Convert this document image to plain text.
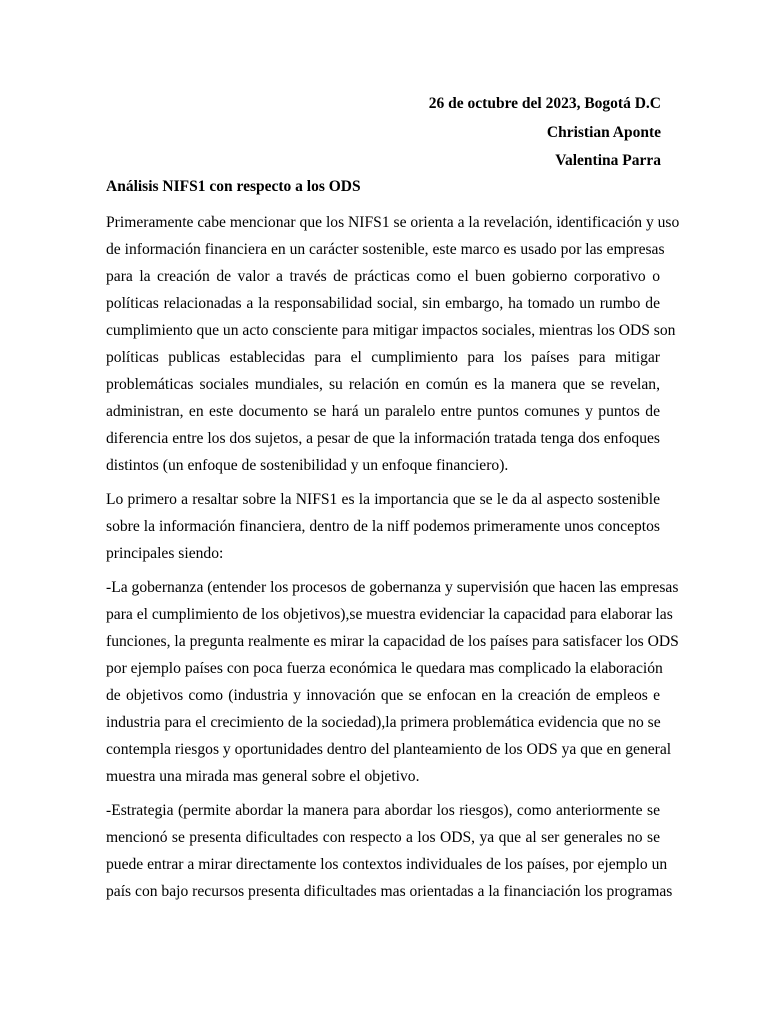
26 de octubre del 2023, Bogotá D.C
Christian Aponte
Valentina Parra
Análisis NIFS1 con respecto a los ODS
Primeramente cabe mencionar que los NIFS1 se orienta a la revelación, identificación y uso
de información financiera en un carácter sostenible, este marco es usado por las empresas
para la creación de valor a través de prácticas como el buen gobierno corporativo o
políticas relacionadas a la responsabilidad social, sin embargo, ha tomado un rumbo de
cumplimiento que un acto consciente para mitigar impactos sociales, mientras los ODS son
políticas publicas establecidas para el cumplimiento para los países para mitigar
problemáticas sociales mundiales, su relación en común es la manera que se revelan,
administran, en este documento se hará un paralelo entre puntos comunes y puntos de
diferencia entre los dos sujetos, a pesar de que la información tratada tenga dos enfoques
distintos (un enfoque de sostenibilidad y un enfoque financiero).
Lo primero a resaltar sobre la NIFS1 es la importancia que se le da al aspecto sostenible
sobre la información financiera, dentro de la niff podemos primeramente unos conceptos
principales siendo:
-La gobernanza (entender los procesos de gobernanza y supervisión que hacen las empresas
para el cumplimiento de los objetivos),se muestra evidenciar la capacidad para elaborar las
funciones, la pregunta realmente es mirar la capacidad de los países para satisfacer los ODS
por ejemplo países con poca fuerza económica le quedara mas complicado la elaboración
de objetivos como (industria y innovación que se enfocan en la creación de empleos e
industria para el crecimiento de la sociedad),la primera problemática evidencia que no se
contempla riesgos y oportunidades dentro del planteamiento de los ODS ya que en general
muestra una mirada mas general sobre el objetivo.
-Estrategia (permite abordar la manera para abordar los riesgos), como anteriormente se
mencionó se presenta dificultades con respecto a los ODS, ya que al ser generales no se
puede entrar a mirar directamente los contextos individuales de los países, por ejemplo un
país con bajo recursos presenta dificultades mas orientadas a la financiación los programas
